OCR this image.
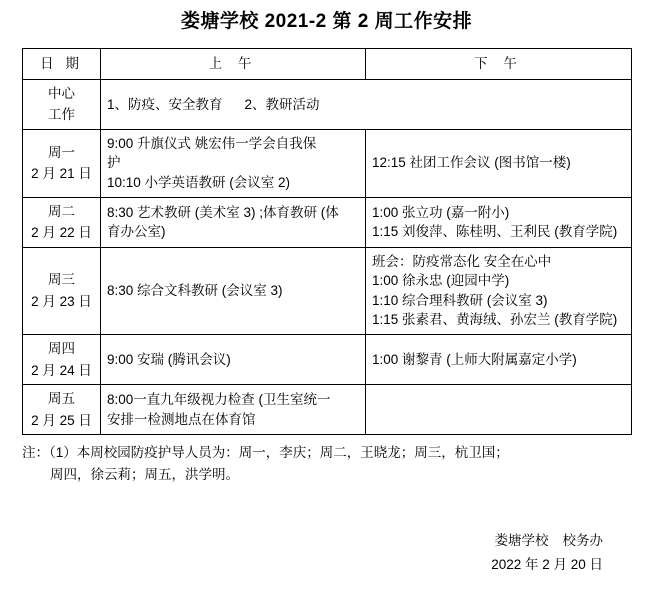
娄塘学校 2021-2 第 2 周工作安排
日 期	上 午	下 午

中心
工作	1、防疫、安全教育 2、教研活动	

周一
2 月 21 日	9:00 升旗仪式 姚宏伟一学会自我保
护
10:10 小学英语教研 (会议室 2)	12:15 社团工作会议 (图书馆一楼)

周二
2 月 22 日	8:30 艺术教研 (美术室 3) ;体育教研 (体
育办公室)	1:00 张立功 (嘉一附小)
1:15 刘俊萍、陈桂明、王利民 (教育学院)

周三
2 月 23 日	8:30 综合文科教研 (会议室 3)	班会：防疫常态化 安全在心中
1:00 徐永忠 (迎园中学)
1:10 综合理科教研 (会议室 3)
1:15 张素君、黄海绒、孙宏兰 (教育学院)

周四
2 月 24 日	9:00 安瑞 (腾讯会议)	1:00 谢黎青 (上师大附属嘉定小学)

周五
2 月 25 日	8:00一直九年级视力检查 (卫生室统一
安排一检测地点在体育馆	

注：（1）本周校园防疫护导人员为：周一，李庆；周二，王晓龙；周三，杭卫国；
周四，徐云莉；周五，洪学明。
娄塘学校 校务办
2022 年 2 月 20 日
